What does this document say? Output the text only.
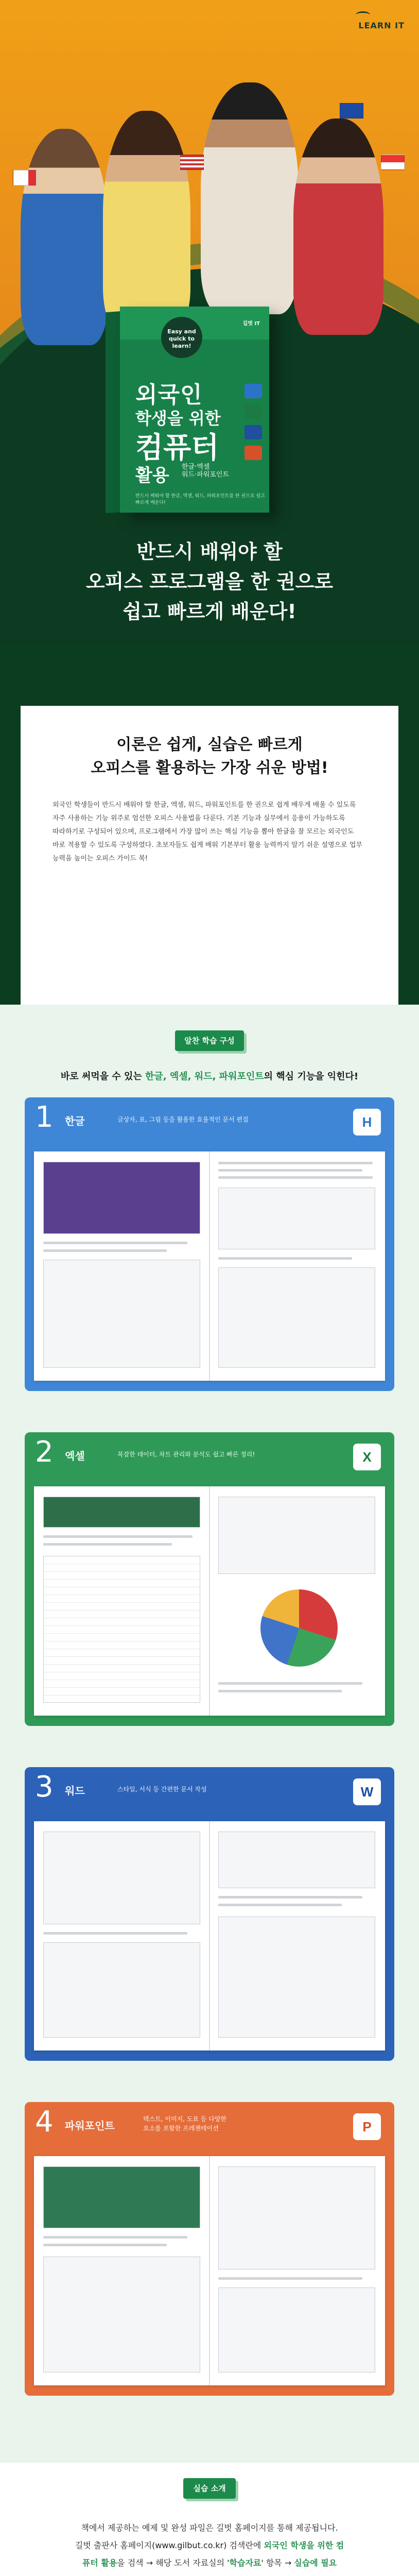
LEARN IT
Easy and quick to learn!
길벗 IT
외국인
학생을 위한
컴퓨터
활용 한글·엑셀
워드·파워포인트
반드시 배워야 할 한글, 엑셀, 워드, 파워포인트를 한 권으로 쉽고 빠르게 배운다!
반드시 배워야 할
오피스 프로그램을 한 권으로
쉽고 빠르게 배운다!
이론은 쉽게, 실습은 빠르게
오피스를 활용하는 가장 쉬운 방법!
외국인 학생들이 반드시 배워야 할 한글, 엑셀, 워드, 파워포인트를 한 권으로 쉽게 배우게 배울 수 있도록 자주 사용하는 기능 위주로 엄선한 오피스 사용법을 다룬다. 기본 기능과 실무에서 응용이 가능하도록 따라하기로 구성되어 있으며, 프로그램에서 가장 많이 쓰는 핵심 기능을 뽑아 한글을 잘 모르는 외국인도 바로 적용할 수 있도록 구성하였다. 초보자들도 쉽게 배워 기본부터 활용 능력까지 알기 쉬운 설명으로 업무 능력을 높이는 오피스 가이드 북!
알찬 학습 구성
바로 써먹을 수 있는 한글, 엑셀, 워드, 파워포인트의 핵심 기능을 익힌다!
1 한글	글상자, 표, 그림 등을 활용한 효율적인 문서 편집	H
2 엑셀	복잡한 데이터, 차트 관리와 분석도 쉽고 빠른 정리!	X
3 워드	스타일, 서식 등 간편한 문서 작성	W
4 파워포인트
텍스트, 이미지, 도표 등 다양한
요소를 포함한 프레젠테이션	P
실습 소개
책에서 제공하는 예제 및 완성 파일은 길벗 홈페이지를 통해 제공됩니다.
길벗 출판사 홈페이지(www.gilbut.co.kr) 검색란에 외국인 학생을 위한 컴
퓨터 활용을 검색 → 해당 도서 자료실의 '학습자료' 항목 → 실습에 필요
